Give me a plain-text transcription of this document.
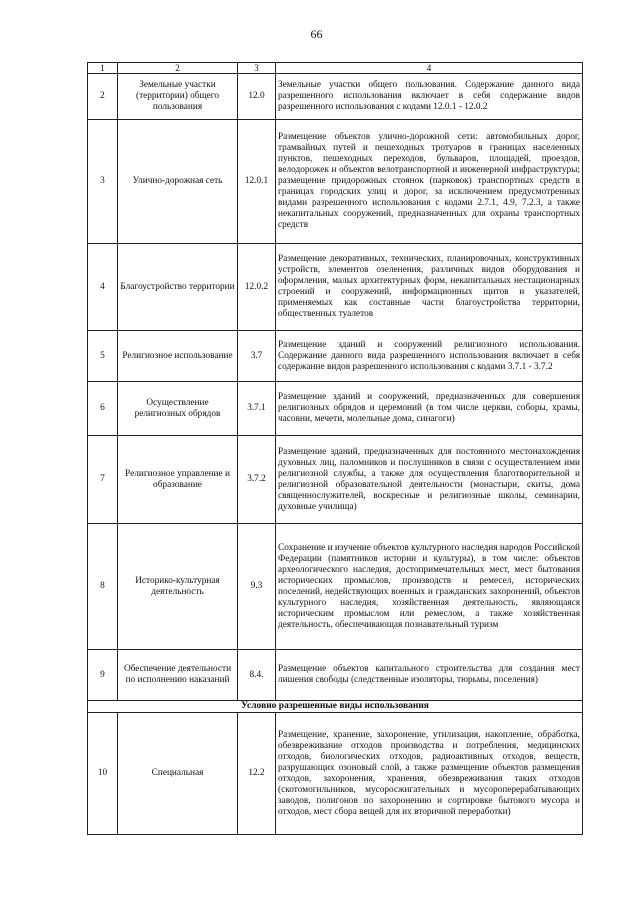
66
1	2	3	4
2	Земельные участки (территории) общего пользования	12.0	Земельные участки общего пользования. Содержание данного вида разрешенного использования включает в себя содержание видов разрешенного использования с кодами 12.0.1 - 12.0.2
3	Улично-дорожная сеть	12.0.1	Размещение объектов улично-дорожной сети: автомобильных дорог, трамвайных путей и пешеходных тротуаров в границах населенных пунктов, пешеходных переходов, бульваров, площадей, проездов, велодорожек и объектов велотранспортной и инженерной инфраструктуры; размещение придорожных стоянок (парковок) транспортных средств в границах городских улиц и дорог, за исключением предусмотренных видами разрешенного использования с кодами 2.7.1, 4.9, 7.2.3, а также некапитальных сооружений, предназначенных для охраны транспортных средств
4	Благоустройство территории	12.0.2	Размещение декоративных, технических, планировочных, конструктивных устройств, элементов озеленения, различных видов оборудования и оформления, малых архитектурных форм, некапитальных нестационарных строений и сооружений, информационных щитов и указателей, применяемых как составные части благоустройства территории, общественных туалетов
5	Религиозное использование	3.7	Размещение зданий и сооружений религиозного использования. Содержание данного вида разрешенного использования включает в себя содержание видов разрешенного использования с кодами 3.7.1 - 3.7.2
6	Осуществление религиозных обрядов	3.7.1	Размещение зданий и сооружений, предназначенных для совершения религиозных обрядов и церемоний (в том числе церкви, соборы, храмы, часовни, мечети, молельные дома, синагоги)
7	Религиозное управление и образование	3.7.2	Размещение зданий, предназначенных для постоянного местонахождения духовных лиц, паломников и послушников в связи с осуществлением ими религиозной службы, а также для осуществления благотворительной и религиозной образовательной деятельности (монастыри, скиты, дома священнослужителей, воскресные и религиозные школы, семинарии, духовные училища)
8	Историко-культурная деятельность	9.3	Сохранение и изучение объектов культурного наследия народов Российской Федерации (памятников истории и культуры), в том числе: объектов археологического наследия, достопримечательных мест, мест бытования исторических промыслов, производств и ремесел, исторических поселений, недействующих военных и гражданских захоронений, объектов культурного наследия, хозяйственная деятельность, являющаяся историческим промыслом или ремеслом, а также хозяйственная деятельность, обеспечивающая познавательный туризм
9	Обеспечение деятельности по исполнению наказаний	8.4.	Размещение объектов капитального строительства для создания мест лишения свободы (следственные изоляторы, тюрьмы, поселения)
Условно разрешенные виды использования			
10	Специальная	12.2	Размещение, хранение, захоронение, утилизация, накопление, обработка, обезвреживание отходов производства и потребления, медицинских отходов, биологических отходов, радиоактивных отходов, веществ, разрушающих озоновый слой, а также размещение объектов размещения отходов, захоронения, хранения, обезвреживания таких отходов (скотомогильников, мусоросжигательных и мусороперерабатывающих заводов, полигонов по захоронению и сортировке бытового мусора и отходов, мест сбора вещей для их вторичной переработки)
